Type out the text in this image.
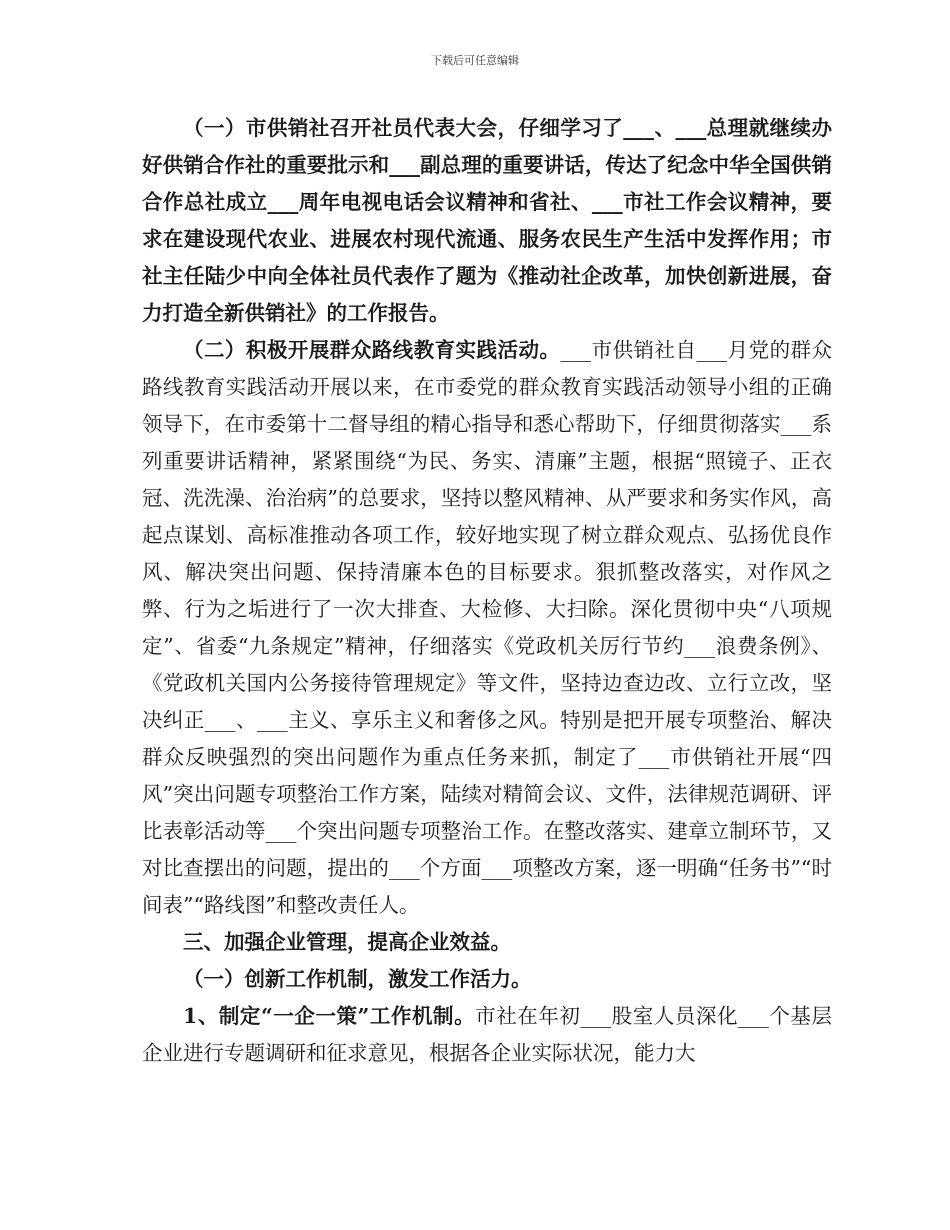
下载后可任意编辑

（一）市供销社召开社员代表大会，仔细学习了___、___总理就继续办好供销合作社的重要批示和___副总理的重要讲话，传达了纪念中华全国供销合作总社成立___周年电视电话会议精神和省社、___市社工作会议精神，要求在建设现代农业、进展农村现代流通、服务农民生产生活中发挥作用；市社主任陆少中向全体社员代表作了题为《推动社企改革，加快创新进展，奋力打造全新供销社》的工作报告。

（二）积极开展群众路线教育实践活动。___市供销社自___月党的群众路线教育实践活动开展以来，在市委党的群众教育实践活动领导小组的正确领导下，在市委第十二督导组的精心指导和悉心帮助下，仔细贯彻落实___系列重要讲话精神，紧紧围绕“为民、务实、清廉”主题，根据“照镜子、正衣冠、洗洗澡、治治病”的总要求，坚持以整风精神、从严要求和务实作风，高起点谋划、高标准推动各项工作，较好地实现了树立群众观点、弘扬优良作风、解决突出问题、保持清廉本色的目标要求。狠抓整改落实，对作风之弊、行为之垢进行了一次大排查、大检修、大扫除。深化贯彻中央“八项规定”、省委“九条规定”精神，仔细落实《党政机关厉行节约___浪费条例》、《党政机关国内公务接待管理规定》等文件，坚持边查边改、立行立改，坚决纠正___、___主义、享乐主义和奢侈之风。特别是把开展专项整治、解决群众反映强烈的突出问题作为重点任务来抓，制定了___市供销社开展“四风”突出问题专项整治工作方案，陆续对精简会议、文件，法律规范调研、评比表彰活动等___个突出问题专项整治工作。在整改落实、建章立制环节，又对比查摆出的问题，提出的___个方面___项整改方案，逐一明确“任务书”“时间表”“路线图”和整改责任人。

三、加强企业管理，提高企业效益。

（一）创新工作机制，激发工作活力。

1、制定“一企一策”工作机制。市社在年初___股室人员深化___个基层企业进行专题调研和征求意见，根据各企业实际状况，能力大
